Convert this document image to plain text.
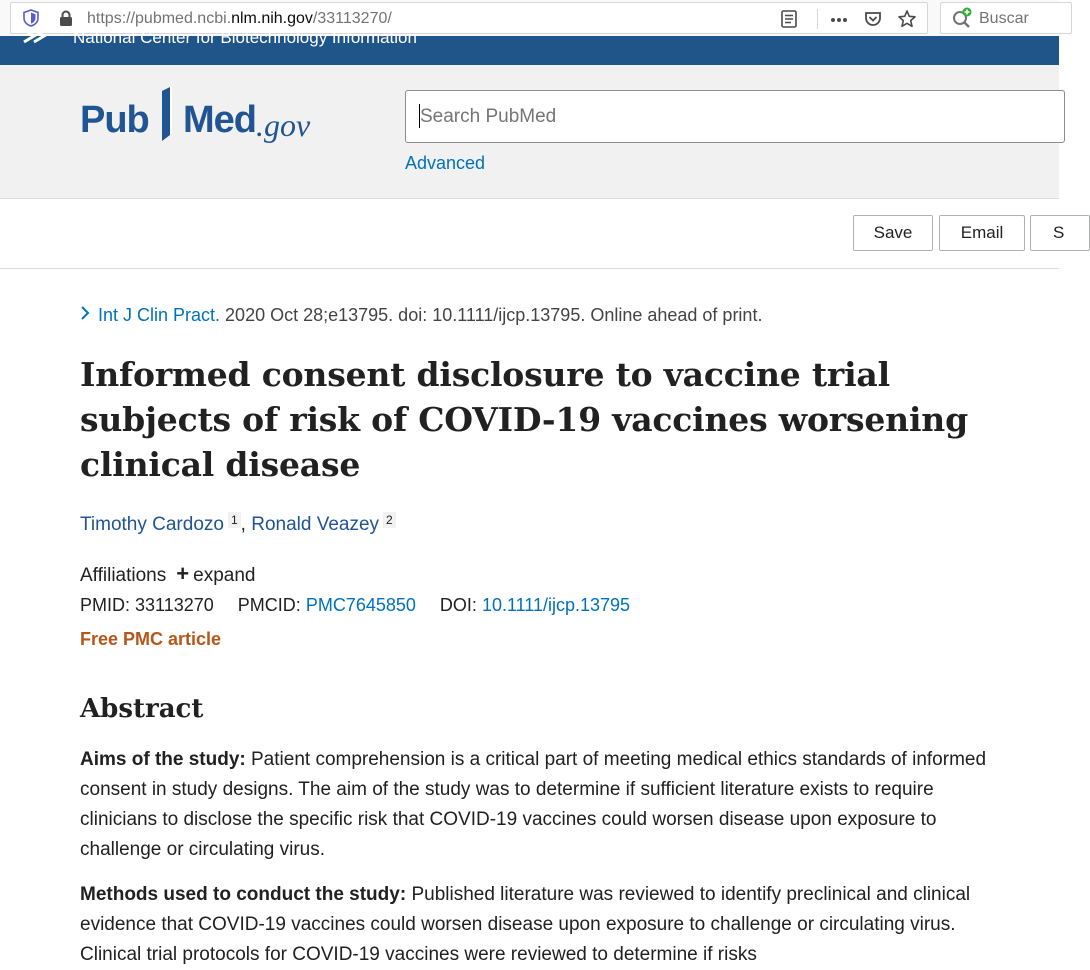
https://pubmed.ncbi.nlm.nih.gov/33113270/	Buscar
National Center for Biotechnology Information
Pub Med .gov
Search PubMed
Advanced
Save	Email	S
Int J Clin Pract. 2020 Oct 28;e13795. doi: 10.1111/ijcp.13795. Online ahead of print.
Informed consent disclosure to vaccine trial subjects of risk of COVID-19 vaccines worsening clinical disease
Timothy Cardozo 1 , Ronald Veazey 2
Affiliations + expand
PMID: 33113270 PMCID: PMC7645850 DOI: 10.1111/ijcp.13795
Free PMC article
Abstract

Aims of the study: Patient comprehension is a critical part of meeting medical ethics standards of informed consent in study designs. The aim of the study was to determine if sufficient literature exists to require clinicians to disclose the specific risk that COVID-19 vaccines could worsen disease upon exposure to challenge or circulating virus.

Methods used to conduct the study: Published literature was reviewed to identify preclinical and clinical evidence that COVID-19 vaccines could worsen disease upon exposure to challenge or circulating virus. Clinical trial protocols for COVID-19 vaccines were reviewed to determine if risks
